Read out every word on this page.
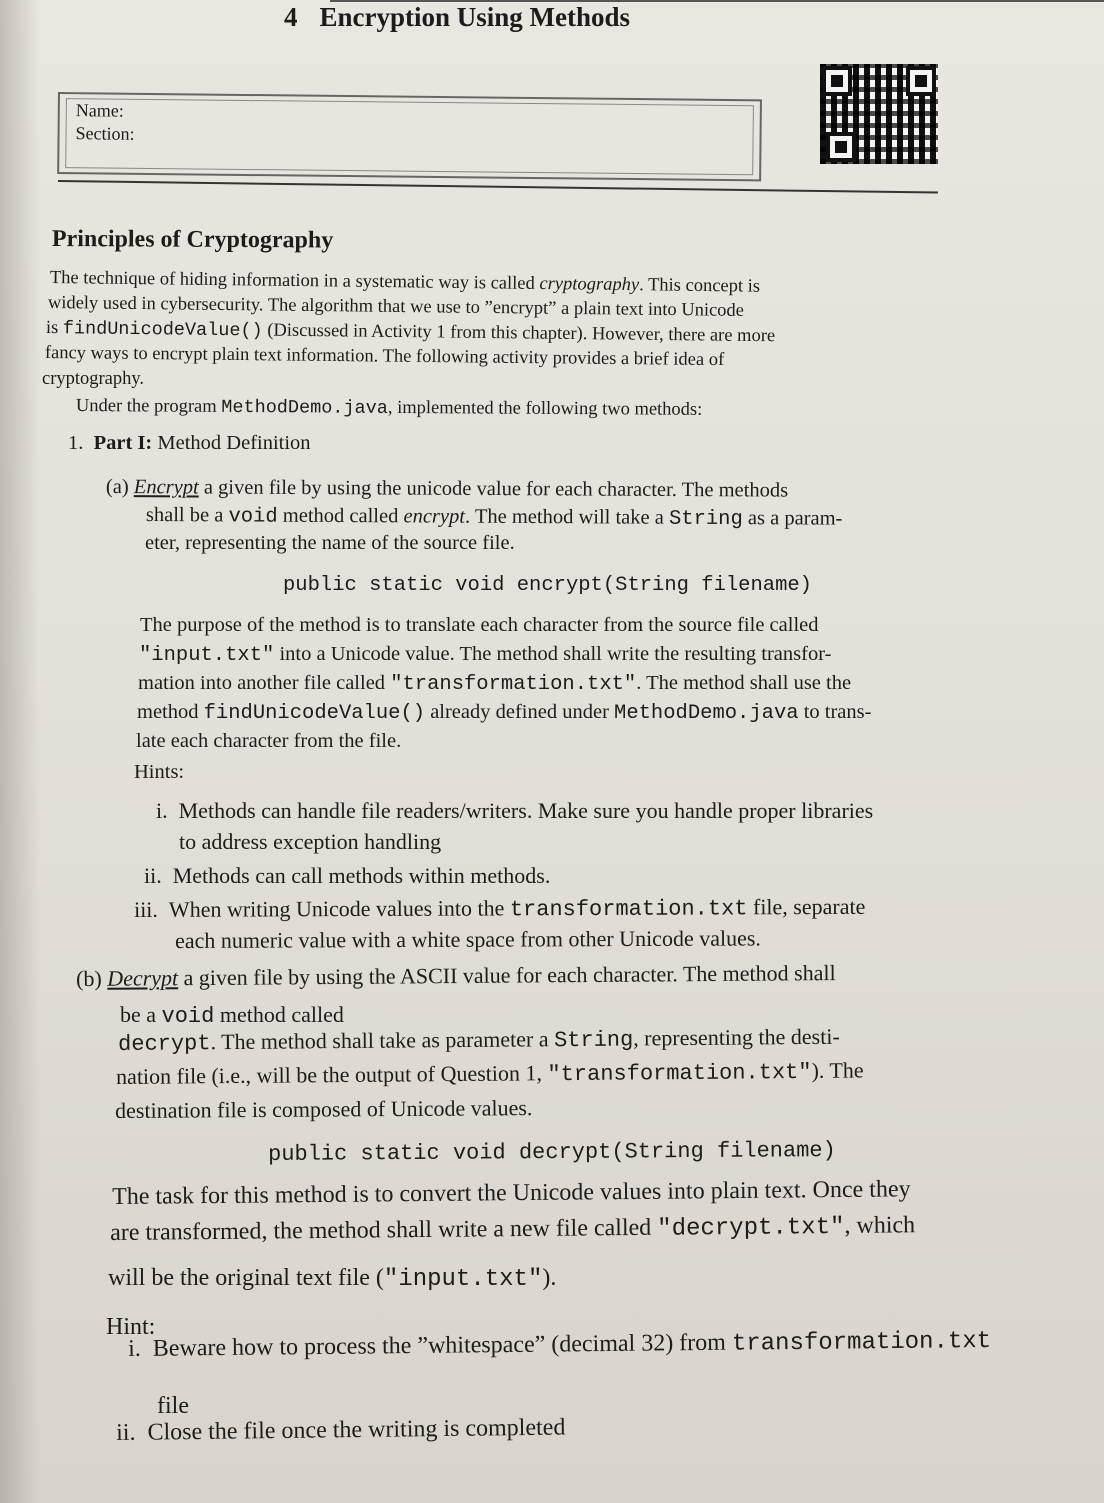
4 Encryption Using Methods
Name:
Section:
Principles of Cryptography
The technique of hiding information in a systematic way is called cryptography. This concept is
widely used in cybersecurity. The algorithm that we use to ”encrypt” a plain text into Unicode
is findUnicodeValue() (Discussed in Activity 1 from this chapter). However, there are more
fancy ways to encrypt plain text information. The following activity provides a brief idea of
cryptography.
Under the program MethodDemo.java, implemented the following two methods:
1. Part I: Method Definition
(a) Encrypt a given file by using the unicode value for each character. The methods
shall be a void method called encrypt. The method will take a String as a param-
eter, representing the name of the source file.
public static void encrypt(String filename)
The purpose of the method is to translate each character from the source file called
"input.txt" into a Unicode value. The method shall write the resulting transfor-
mation into another file called "transformation.txt". The method shall use the
method findUnicodeValue() already defined under MethodDemo.java to trans-
late each character from the file.
Hints:
i. Methods can handle file readers/writers. Make sure you handle proper libraries
to address exception handling
ii. Methods can call methods within methods.
iii. When writing Unicode values into the transformation.txt file, separate
each numeric value with a white space from other Unicode values.
(b) Decrypt a given file by using the ASCII value for each character. The method shall
be a void method called
decrypt. The method shall take as parameter a String, representing the desti-
nation file (i.e., will be the output of Question 1, "transformation.txt"). The
destination file is composed of Unicode values.
public static void decrypt(String filename)
The task for this method is to convert the Unicode values into plain text. Once they
are transformed, the method shall write a new file called "decrypt.txt", which
will be the original text file ("input.txt").
Hint:
i. Beware how to process the ”whitespace” (decimal 32) from transformation.txt
file
ii. Close the file once the writing is completed
